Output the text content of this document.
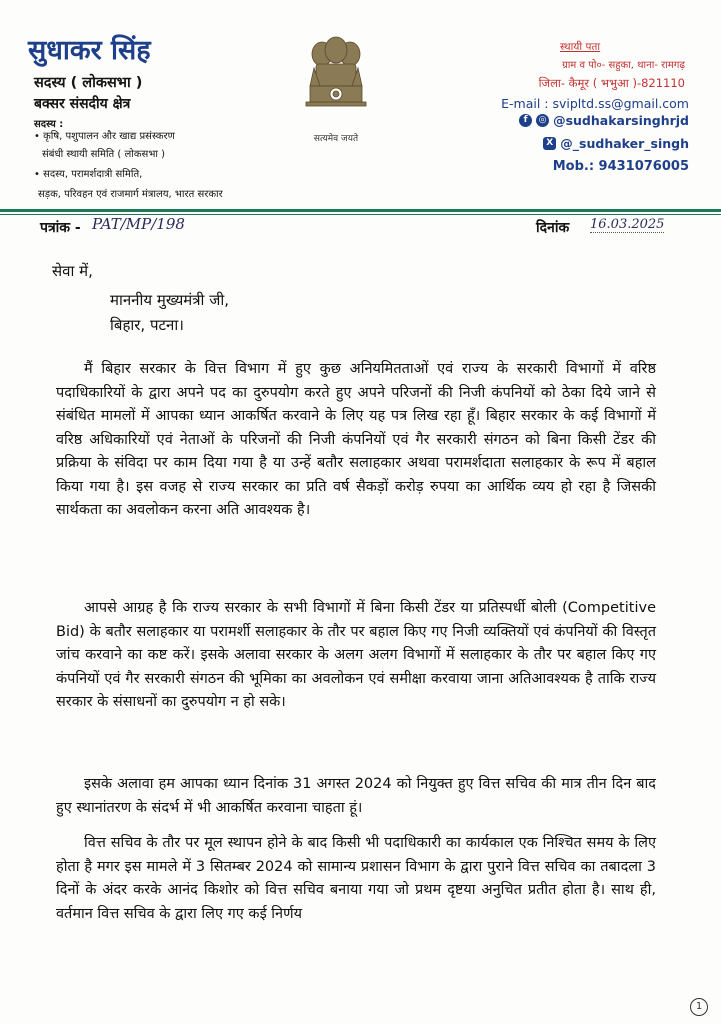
सुधाकर सिंह
सदस्य ( लोकसभा )
बक्सर संसदीय क्षेत्र
सदस्य :
• कृषि, पशुपालन और खाद्य प्रसंस्करण
संबंधी स्थायी समिति ( लोकसभा )
• सदस्य, परामर्शदात्री समिति,
सड़क, परिवहन एवं राजमार्ग मंत्रालय, भारत सरकार
सत्यमेव जयते
स्थायी पता
ग्राम व पो०- सहुका, थाना- रामगढ़
जिला- कैमूर ( भभुआ )-821110
E-mail : svipltd.ss@gmail.com
f	◎ @sudhakarsinghrjd
X @_sudhaker_singh
Mob.: 9431076005
पत्रांक - PAT/MP/198	दिनांक 16.03.2025
सेवा में,
माननीय मुख्यमंत्री जी,
बिहार, पटना।
मैं बिहार सरकार के वित्त विभाग में हुए कुछ अनियमितताओं एवं राज्य के सरकारी विभागों में वरिष्ठ पदाधिकारियों के द्वारा अपने पद का दुरुपयोग करते हुए अपने परिजनों की निजी कंपनियों को ठेका दिये जाने से संबंधित मामलों में आपका ध्यान आकर्षित करवाने के लिए यह पत्र लिख रहा हूँ। बिहार सरकार के कई विभागों में वरिष्ठ अधिकारियों एवं नेताओं के परिजनों की निजी कंपनियों एवं गैर सरकारी संगठन को बिना किसी टेंडर की प्रक्रिया के संविदा पर काम दिया गया है या उन्हें बतौर सलाहकार अथवा परामर्शदाता सलाहकार के रूप में बहाल किया गया है। इस वजह से राज्य सरकार का प्रति वर्ष सैकड़ों करोड़ रुपया का आर्थिक व्यय हो रहा है जिसकी सार्थकता का अवलोकन करना अति आवश्यक है।
आपसे आग्रह है कि राज्य सरकार के सभी विभागों में बिना किसी टेंडर या प्रतिस्पर्धी बोली (Competitive Bid) के बतौर सलाहकार या परामर्शी सलाहकार के तौर पर बहाल किए गए निजी व्यक्तियों एवं कंपनियों की विस्तृत जांच करवाने का कष्ट करें। इसके अलावा सरकार के अलग अलग विभागों में सलाहकार के तौर पर बहाल किए गए कंपनियों एवं गैर सरकारी संगठन की भूमिका का अवलोकन एवं समीक्षा करवाया जाना अतिआवश्यक है ताकि राज्य सरकार के संसाधनों का दुरुपयोग न हो सके।
इसके अलावा हम आपका ध्यान दिनांक 31 अगस्त 2024 को नियुक्त हुए वित्त सचिव की मात्र तीन दिन बाद हुए स्थानांतरण के संदर्भ में भी आकर्षित करवाना चाहता हूं।
वित्त सचिव के तौर पर मूल स्थापन होने के बाद किसी भी पदाधिकारी का कार्यकाल एक निश्चित समय के लिए होता है मगर इस मामले में 3 सितम्बर 2024 को सामान्य प्रशासन विभाग के द्वारा पुराने वित्त सचिव का तबादला 3 दिनों के अंदर करके आनंद किशोर को वित्त सचिव बनाया गया जो प्रथम दृष्टया अनुचित प्रतीत होता है। साथ ही, वर्तमान वित्त सचिव के द्वारा लिए गए कई निर्णय
1
